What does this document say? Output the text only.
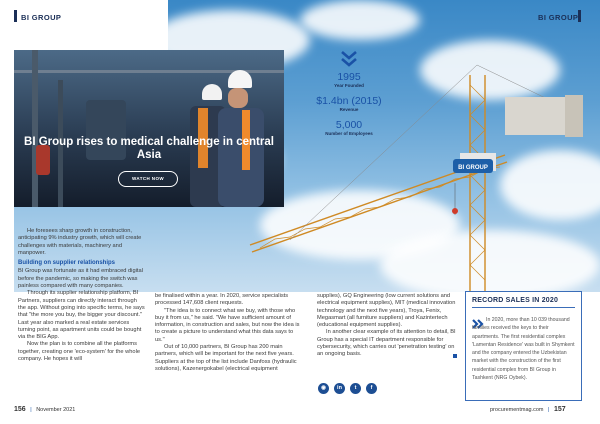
BI GROUP
BI GROUP	BI GROUP
BI Group rises to medical challenge in central Asia
WATCH NOW
1995
Year Founded
$1.4bn (2015)
Revenue
5,000
Number of Employees

He foresees sharp growth in construction, anticipating 9% industry growth, which will create challenges with materials, machinery and manpower.

Building on supplier relationships

BI Group was fortunate as it had embraced digital before the pandemic, so making the switch was painless compared with many companies.

Through its supplier relationship platform, BI Partners, suppliers can directly interact through the app. Without going into specific terms, he says that "the more you buy, the bigger your discount." Last year also marked a real estate services turning point, as apartment units could be bought via the BIG App.

Now the plan is to combine all the platforms together, creating one 'eco-system' for the whole company. He hopes it will

be finalised within a year. In 2020, service specialists processed 147,608 client requests.

"The idea is to connect what we buy, with those who buy it from us," he said. "We have sufficient amount of information, in construction and sales, but now the idea is to create a picture to understand what this data says to us."

Out of 10,000 partners, BI Group has 200 main partners, which will be important for the next five years. Suppliers at the top of the list include Danfoss (hydraulic solutions), Kazenergokabel (electrical equipment

supplies), GQ Engineering (low current solutions and electrical equipment supplies), MIT (medical innovation technology and the next five years), Troya, Fenix, Megasmart (all furniture suppliers) and Kazintertech (educational equipment supplies).

In another clear example of its attention to detail, BI Group has a special IT department responsible for cybersecurity, which carries out 'penetration testing' on an ongoing basis.

◉	in	t	f
RECORD SALES IN 2020
In 2020, more than 10 039 thousand families received the keys to their apartments. The first residential complex 'Lamentan Residence' was built in Shymkent and the company entered the Uzbekistan market with the construction of the first residential complex from BI Group in Tashkent (NRG Oybek).
156 | November 2021	procurementmag.com | 157
